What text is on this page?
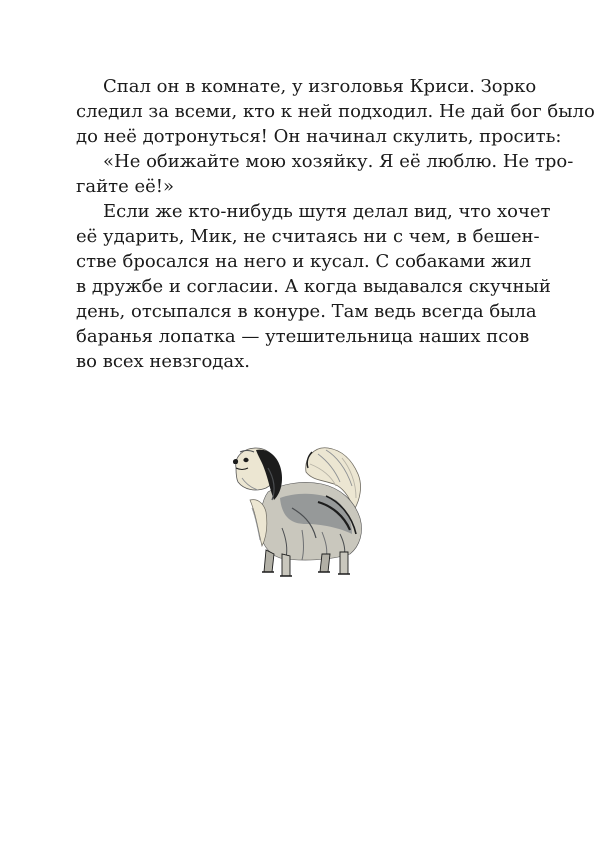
Спал он в комнате, у изголовья Криси. Зорко
следил за всеми, кто к ней подходил. Не дай бог было
до неё дотронуться! Он начинал скулить, просить:
«Не обижайте мою хозяйку. Я её люблю. Не тро-
гайте её!»
Если же кто-нибудь шутя делал вид, что хочет
её ударить, Мик, не считаясь ни с чем, в бешен-
стве бросался на него и кусал. С собаками жил
в дружбе и согласии. А когда выдавался скучный
день, отсыпался в конуре. Там ведь всегда была
баранья лопатка — утешительница наших псов
во всех невзгодах.
